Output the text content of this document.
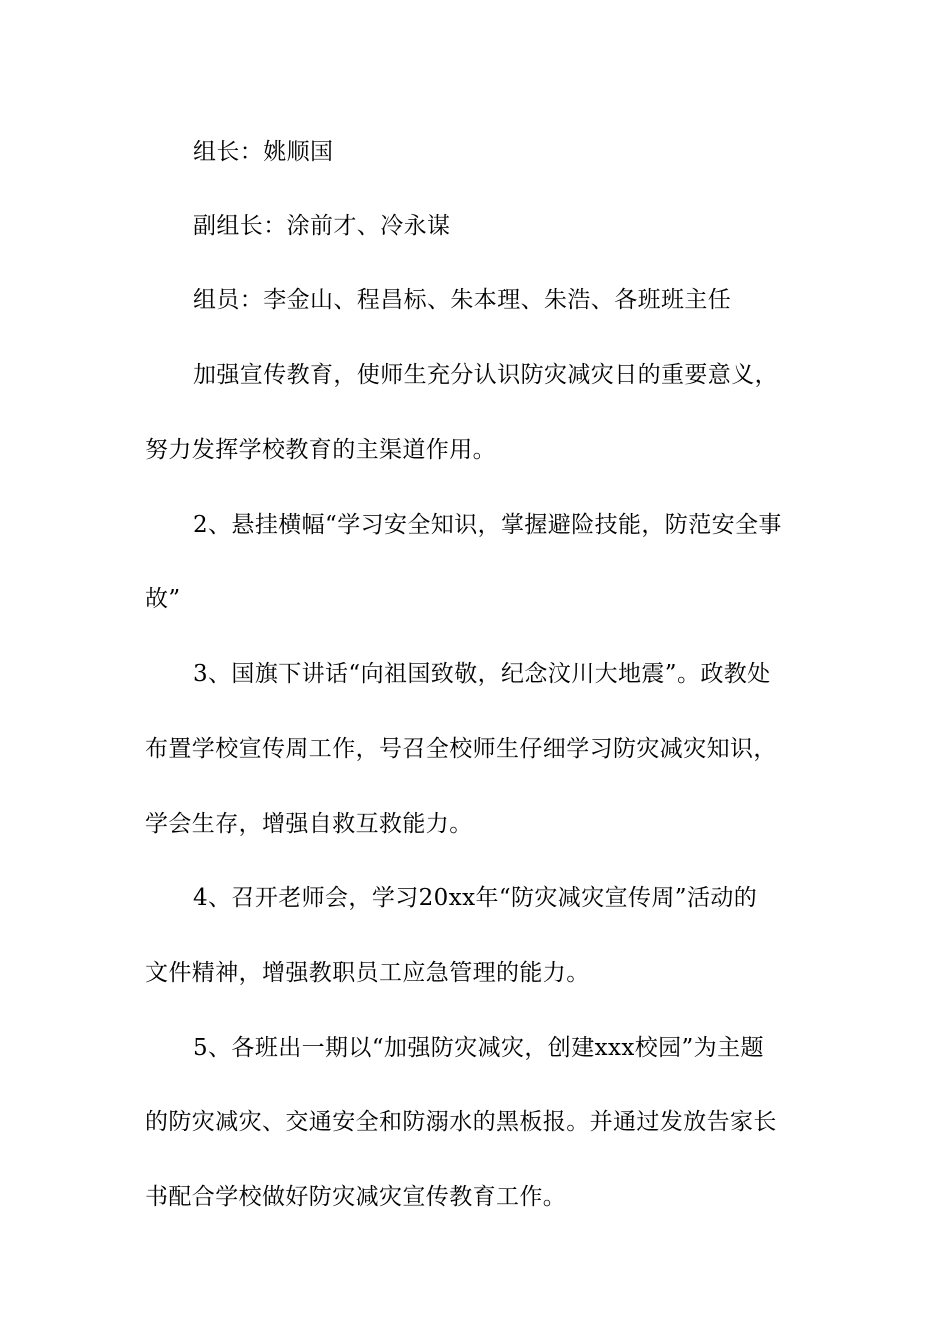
组长：姚顺国
副组长：涂前才、冷永谋
组员：李金山、程昌标、朱本理、朱浩、各班班主任
加强宣传教育，使师生充分认识防灾减灾日的重要意义，
努力发挥学校教育的主渠道作用。
2、悬挂横幅“学习安全知识，掌握避险技能，防范安全事
故”
3、国旗下讲话“向祖国致敬，纪念汶川大地震”。政教处
布置学校宣传周工作，号召全校师生仔细学习防灾减灾知识，
学会生存，增强自救互救能力。
4、召开老师会，学习20xx年“防灾减灾宣传周”活动的
文件精神，增强教职员工应急管理的能力。
5、各班出一期以“加强防灾减灾，创建xxx校园”为主题
的防灾减灾、交通安全和防溺水的黑板报。并通过发放告家长
书配合学校做好防灾减灾宣传教育工作。
